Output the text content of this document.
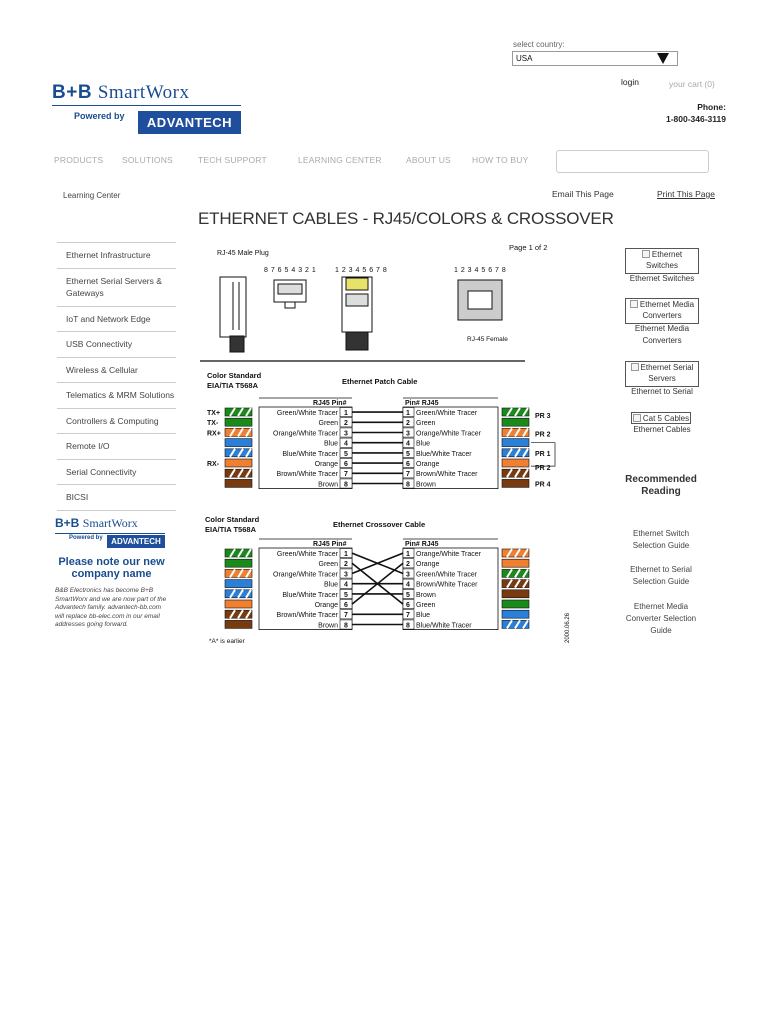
select country:
USA
login	your cart (0)
Phone:
1-800-346-3119
B+B SmartWorx
Powered by	ADVANTECH
PRODUCTS SOLUTIONS	TECH SUPPORT	LEARNING CENTER	ABOUT US HOW TO BUY
Learning Center	Email This Page	Print This Page
ETHERNET CABLES - RJ45/COLORS & CROSSOVER
Ethernet Infrastructure
Ethernet Serial Servers & Gateways
IoT and Network Edge
USB Connectivity
Wireless & Cellular
Telematics & MRM Solutions
Controllers & Computing
Remote I/O
Serial Connectivity
BICSI
B+B SmartWorx
Powered by	ADVANTECH
Please note our new company name
B&B Electronics has become B+B SmartWorx and we are now part of the Advantech family. advantech-bb.com will replace bb-elec.com in our email addresses going forward.
Ethernet Switches
Ethernet Switches
Ethernet Media Converters
Ethernet Media Converters
Ethernet Serial Servers
Ethernet to Serial
Cat 5 Cables
Ethernet Cables
Recommended Reading
Ethernet Switch Selection Guide
Ethernet to Serial Selection Guide
Ethernet Media Converter Selection Guide
RJ-45 Male Plug
Page 1 of 2
8 7 6 5 4 3 2 1	1 2 3 4 5 6 7 8	1 2 3 4 5 6 7 8
RJ-45 Female
Color Standard
EIA/TIA T568A	Ethernet Patch Cable
RJ45 Pin#	Pin# RJ45
Green/White Tracer 1	1 Green/White Tracer
TX+
Green 2	2 Green
TX-
Orange/White Tracer 3	3 Orange/White Tracer
RX+
Blue 4	4 Blue
Blue/White Tracer 5	5 Blue/White Tracer
Orange 6	6 Orange
RX-
Brown/White Tracer 7	7 Brown/White Tracer
Brown 8	8 Brown
PR 3
PR 2
PR 1
PR 2
PR 4
Color Standard
EIA/TIA T568A
Ethernet Crossover Cable
RJ45 Pin#	Pin# RJ45
Green/White Tracer 1	1 Orange/White Tracer
Green 2	2 Orange
Orange/White Tracer 3	3 Green/White Tracer
Blue 4	4 Brown/White Tracer
Blue/White Tracer 5	5 Brown
Orange 6	6 Green
Brown/White Tracer 7	7 Blue
Brown 8	8 Blue/White Tracer
*A* is earlier	2000.06.26
